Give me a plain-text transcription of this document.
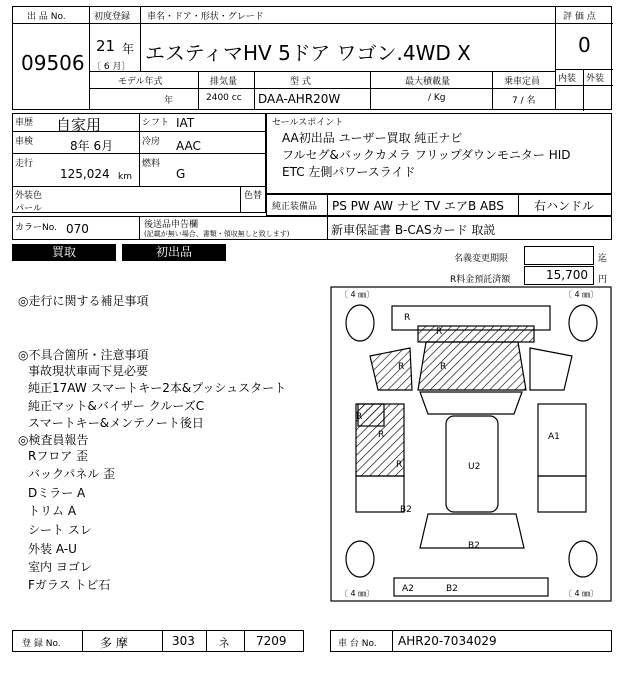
出 品 No.
09506
初度登録
21 年
〔 6 月〕
車名・ドア・形状・グレード
エスティマHV 5ドア ワゴン.4WD X
評 価 点
0
内装 外装
モデル年式
年
排気量
2400 cc
型 式
DAA-AHR20W
最大積載量
/ Kg
乗車定員
7 / 名
車歴 自家用
車検	8年 6月
走行
125,024 km
シフト IAT
冷房 AAC
燃料
G
外装色
パール
色替
カラーNo. 070	後送品申告欄
(記載が無い場合、書類・領収無しと致します)
セールスポイント
AA初出品 ユーザー買取 純正ナビ
フルセグ&バックカメラ フリップダウンモニター HID
ETC 左側パワースライド
純正装備品 PS PW AW ナビ TV エアB ABS	右ハンドル
新車保証書 B-CASカード 取説
買取	初出品	名義変更期限	迄
R料金預託済額	15,700 円
◎走行に関する補足事項
◎不具合箇所・注意事項
事故現状車両下見必要
純正17AW スマートキー2本&プッシュスタート
純正マット&バイザー クルーズC
スマートキー&メンテノート後日
◎検査員報告
Rフロア 歪
バックパネル 歪
Dミラー A
トリム A
シート スレ
外装 A-U
室内 ヨゴレ
Fガラス トビ石
〔 4 ㎜〕	〔 4 ㎜〕
〔 4 ㎜〕	〔 4 ㎜〕
R
R
R	R
R
R
R
A1
U2
B2
B2
A2	B2
登 録 No.	多 摩	303 ネ 7209	車 台 No. AHR20-7034029
